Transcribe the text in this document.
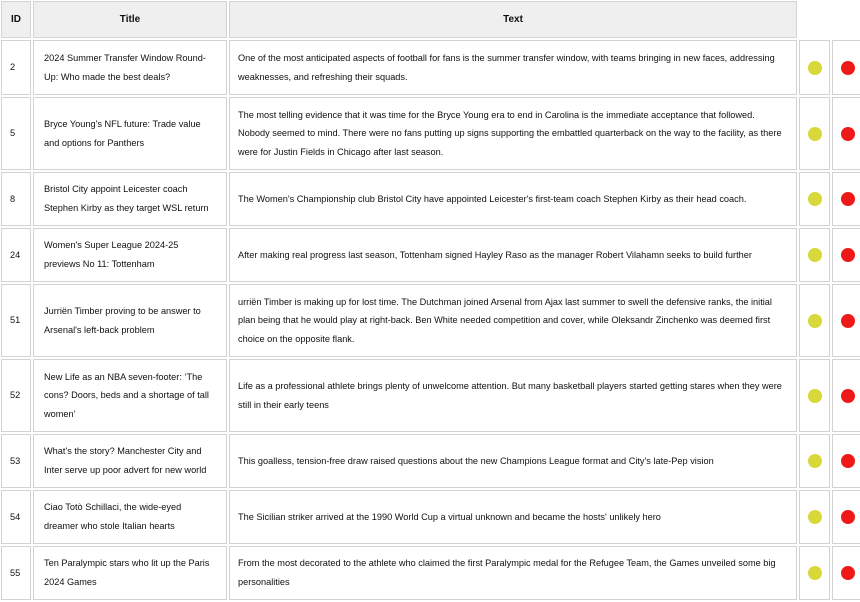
ID	Title	Text		
2	2024 Summer Transfer Window Round-Up: Who made the best deals?	One of the most anticipated aspects of football for fans is the summer transfer window, with teams bringing in new faces, addressing weaknesses, and refreshing their squads.		
5	Bryce Young's NFL future: Trade value and options for Panthers	The most telling evidence that it was time for the Bryce Young era to end in Carolina is the immediate acceptance that followed. Nobody seemed to mind. There were no fans putting up signs supporting the embattled quarterback on the way to the facility, as there were for Justin Fields in Chicago after last season.		
8	Bristol City appoint Leicester coach Stephen Kirby as they target WSL return	The Women's Championship club Bristol City have appointed Leicester's first-team coach Stephen Kirby as their head coach.		
24	Women's Super League 2024-25 previews No 11: Tottenham	After making real progress last season, Tottenham signed Hayley Raso as the manager Robert Vilahamn seeks to build further		
51	Jurriën Timber proving to be answer to Arsenal's left-back problem	urriën Timber is making up for lost time. The Dutchman joined Arsenal from Ajax last summer to swell the defensive ranks, the initial plan being that he would play at right-back. Ben White needed competition and cover, while Oleksandr Zinchenko was deemed first choice on the opposite flank.		
52	New Life as an NBA seven-footer: ‘The cons? Doors, beds and a shortage of tall women’	Life as a professional athlete brings plenty of unwelcome attention. But many basketball players started getting stares when they were still in their early teens		
53	What's the story? Manchester City and Inter serve up poor advert for new world	This goalless, tension-free draw raised questions about the new Champions League format and City's late-Pep vision		
54	Ciao Totò Schillaci, the wide-eyed dreamer who stole Italian hearts	The Sicilian striker arrived at the 1990 World Cup a virtual unknown and became the hosts' unlikely hero		
55	Ten Paralympic stars who lit up the Paris 2024 Games	From the most decorated to the athlete who claimed the first Paralympic medal for the Refugee Team, the Games unveiled some big personalities		
